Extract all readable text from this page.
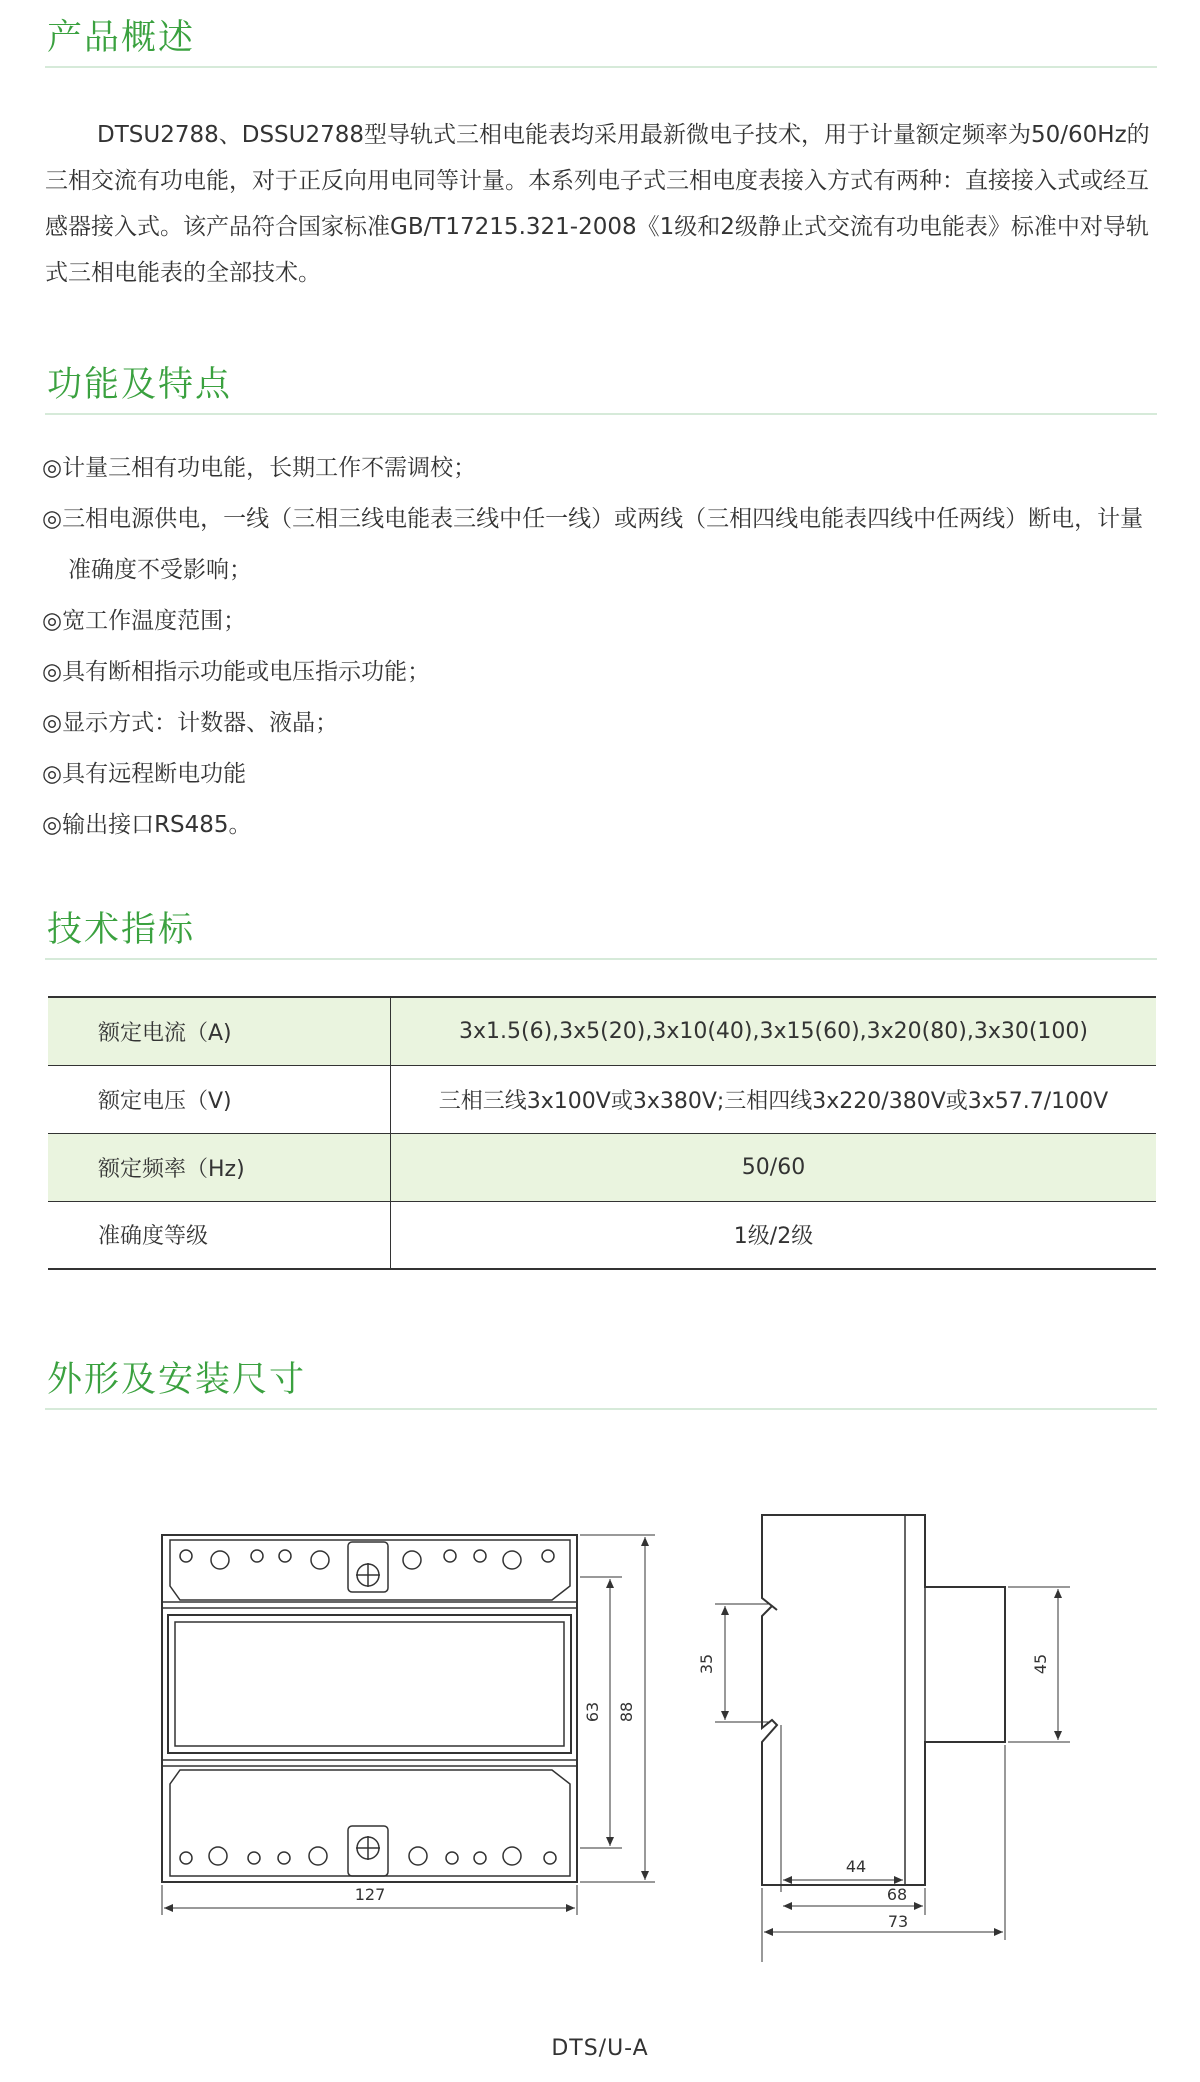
产品概述
DTSU2788、DSSU2788型导轨式三相电能表均采用最新微电子技术，用于计量额定频率为50/60Hz的三相交流有功电能，对于正反向用电同等计量。本系列电子式三相电度表接入方式有两种：直接接入式或经互感器接入式。该产品符合国家标准GB/T17215.321-2008《1级和2级静止式交流有功电能表》标准中对导轨式三相电能表的全部技术。
功能及特点
◎计量三相有功电能，长期工作不需调校；
◎三相电源供电，一线（三相三线电能表三线中任一线）或两线（三相四线电能表四线中任两线）断电，计量准确度不受影响；
◎宽工作温度范围；
◎具有断相指示功能或电压指示功能；
◎显示方式：计数器、液晶；
◎具有远程断电功能
◎输出接口RS485。
技术指标
额定电流（A)	3x1.5(6),3x5(20),3x10(40),3x15(60),3x20(80),3x30(100)
额定电压（V)	三相三线3x100V或3x380V;三相四线3x220/380V或3x57.7/100V
额定频率（Hz)	50/60
准确度等级	1级/2级
外形及安装尺寸
127
63 88
35	45
44
68
73
DTS/U-A
